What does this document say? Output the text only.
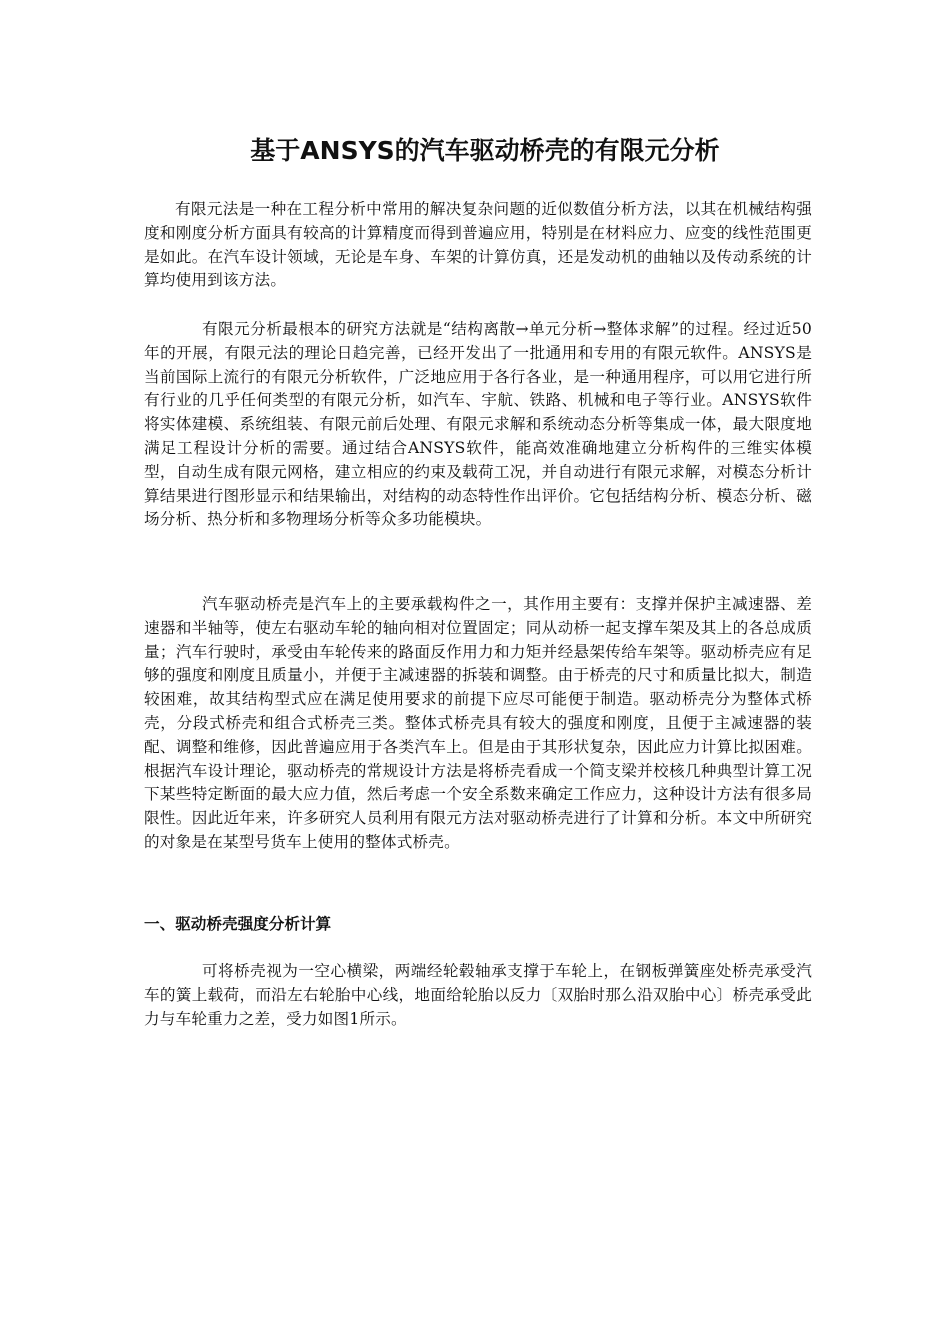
基于ANSYS的汽车驱动桥壳的有限元分析

有限元法是一种在工程分析中常用的解决复杂问题的近似数值分析方法，以其在机械结构强度和刚度分析方面具有较高的计算精度而得到普遍应用，特别是在材料应力、应变的线性范围更是如此。在汽车设计领域，无论是车身、车架的计算仿真，还是发动机的曲轴以及传动系统的计算均使用到该方法。

有限元分析最根本的研究方法就是“结构离散→单元分析→整体求解”的过程。经过近50年的开展，有限元法的理论日趋完善，已经开发出了一批通用和专用的有限元软件。ANSYS是当前国际上流行的有限元分析软件，广泛地应用于各行各业，是一种通用程序，可以用它进行所有行业的几乎任何类型的有限元分析，如汽车、宇航、铁路、机械和电子等行业。ANSYS软件将实体建模、系统组装、有限元前后处理、有限元求解和系统动态分析等集成一体，最大限度地满足工程设计分析的需要。通过结合ANSYS软件，能高效准确地建立分析构件的三维实体模型，自动生成有限元网格，建立相应的约束及载荷工况，并自动进行有限元求解，对模态分析计算结果进行图形显示和结果输出，对结构的动态特性作出评价。它包括结构分析、模态分析、磁场分析、热分析和多物理场分析等众多功能模块。

汽车驱动桥壳是汽车上的主要承载构件之一，其作用主要有：支撑并保护主减速器、差速器和半轴等，使左右驱动车轮的轴向相对位置固定；同从动桥一起支撑车架及其上的各总成质量；汽车行驶时，承受由车轮传来的路面反作用力和力矩并经悬架传给车架等。驱动桥壳应有足够的强度和刚度且质量小，并便于主减速器的拆装和调整。由于桥壳的尺寸和质量比拟大，制造较困难，故其结构型式应在满足使用要求的前提下应尽可能便于制造。驱动桥壳分为整体式桥壳，分段式桥壳和组合式桥壳三类。整体式桥壳具有较大的强度和刚度，且便于主减速器的装配、调整和维修，因此普遍应用于各类汽车上。但是由于其形状复杂，因此应力计算比拟困难。根据汽车设计理论，驱动桥壳的常规设计方法是将桥壳看成一个简支梁并校核几种典型计算工况下某些特定断面的最大应力值，然后考虑一个安全系数来确定工作应力，这种设计方法有很多局限性。因此近年来，许多研究人员利用有限元方法对驱动桥壳进行了计算和分析。本文中所研究的对象是在某型号货车上使用的整体式桥壳。

一、驱动桥壳强度分析计算

可将桥壳视为一空心横梁，两端经轮毂轴承支撑于车轮上，在钢板弹簧座处桥壳承受汽车的簧上载荷，而沿左右轮胎中心线，地面给轮胎以反力〔双胎时那么沿双胎中心〕桥壳承受此力与车轮重力之差，受力如图1所示。
